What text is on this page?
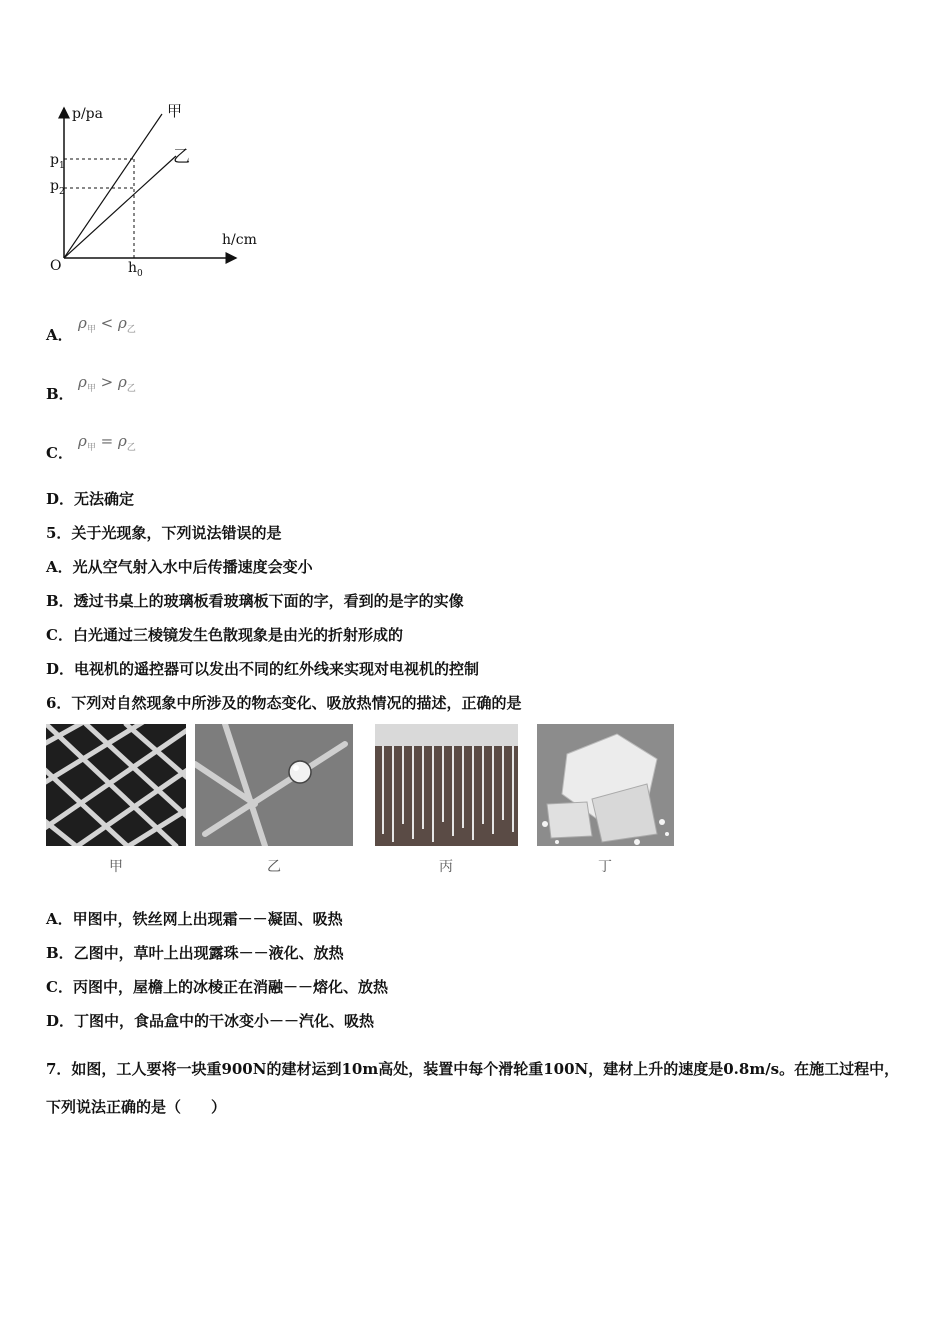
p/pa
h/cm
O
$p_1$
$p_2$
$h_0$
甲
乙
A．
$\rho_甲 < \rho_乙$
B．
$\rho_甲 > \rho_乙$
C．
$\rho_甲 = \rho_乙$
D．无法确定
5．关于光现象，下列说法错误的是
A．光从空气射入水中后传播速度会变小
B．透过书桌上的玻璃板看玻璃板下面的字，看到的是字的实像
C．白光通过三棱镜发生色散现象是由光的折射形成的
D．电视机的遥控器可以发出不同的红外线来实现对电视机的控制
6．下列对自然现象中所涉及的物态变化、吸放热情况的描述，正确的是
甲	乙	丙	丁
A．甲图中，铁丝网上出现霜－－凝固、吸热
B．乙图中，草叶上出现露珠－－液化、放热
C．丙图中，屋檐上的冰棱正在消融－－熔化、放热
D．丁图中，食品盒中的干冰变小－－汽化、吸热
7．如图，工人要将一块重900N的建材运到10m高处，装置中每个滑轮重100N，建材上升的速度是0.8m/s。在施工过程中，下列说法正确的是（　　）
